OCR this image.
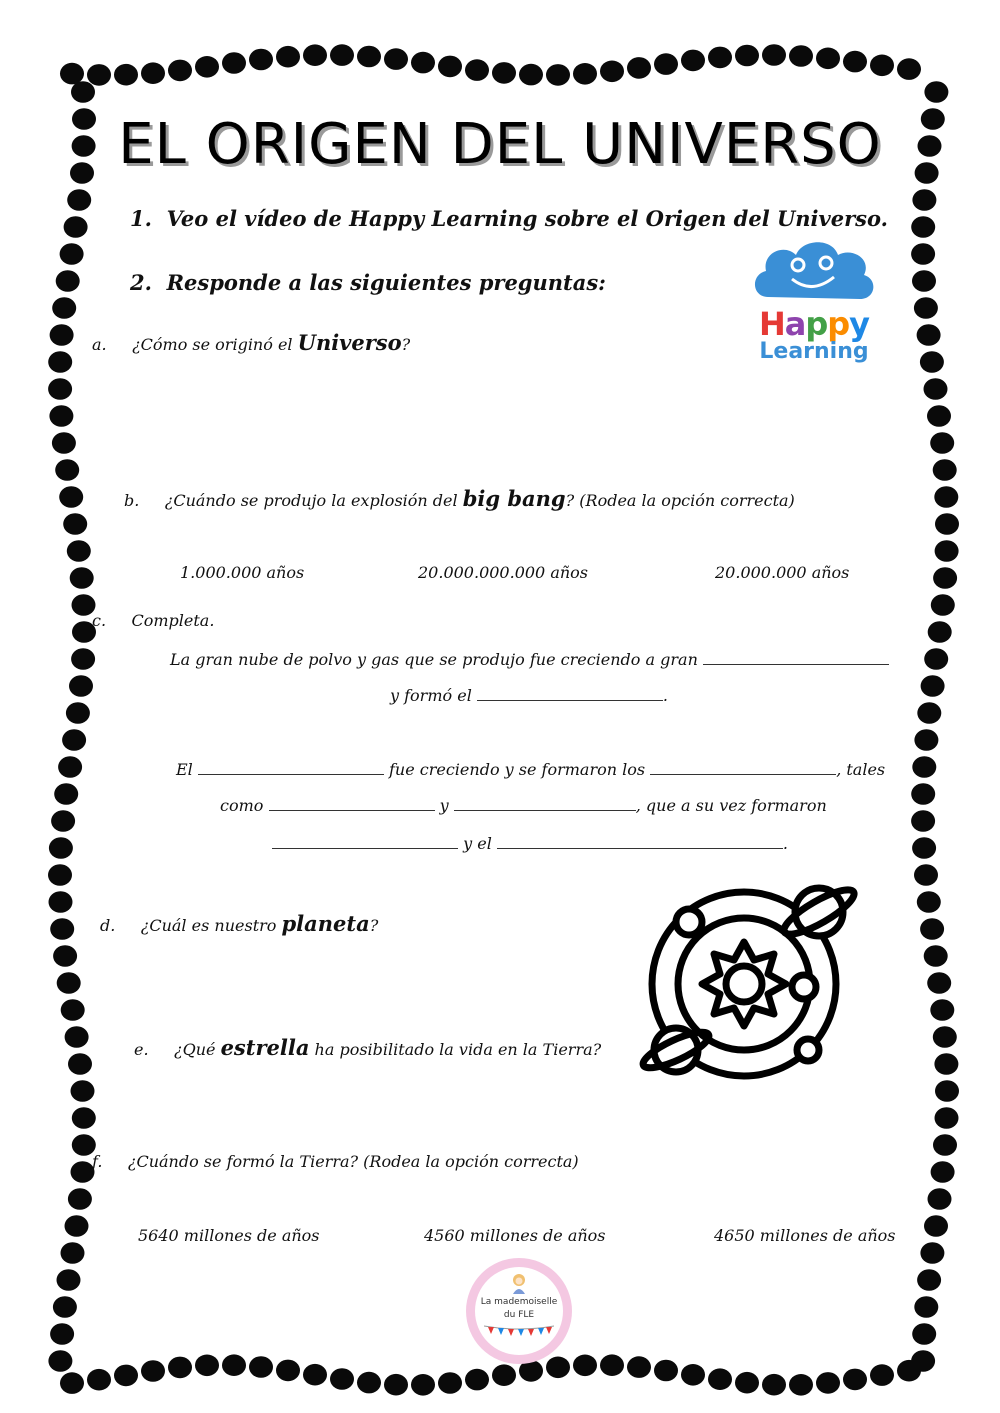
EL ORIGEN DEL UNIVERSO
1. Veo el vídeo de Happy Learning sobre el Origen del Universo.
2. Responde a las siguientes preguntas:
Happy
Learning
a. ¿Cómo se originó el Universo?
b. ¿Cuándo se produjo la explosión del big bang? (Rodea la opción correcta)
1.000.000 años	20.000.000.000 años	20.000.000 años
c. Completa.
La gran nube de polvo y gas que se produjo fue creciendo a gran
y formó el	.
El	fue creciendo y se formaron los	, tales
como	y	, que a su vez formaron
y el	.
d. ¿Cuál es nuestro planeta?
e. ¿Qué estrella ha posibilitado la vida en la Tierra?
f. ¿Cuándo se formó la Tierra? (Rodea la opción correcta)
5640 millones de años	4560 millones de años	4650 millones de años
La mademoiselle
du FLE
